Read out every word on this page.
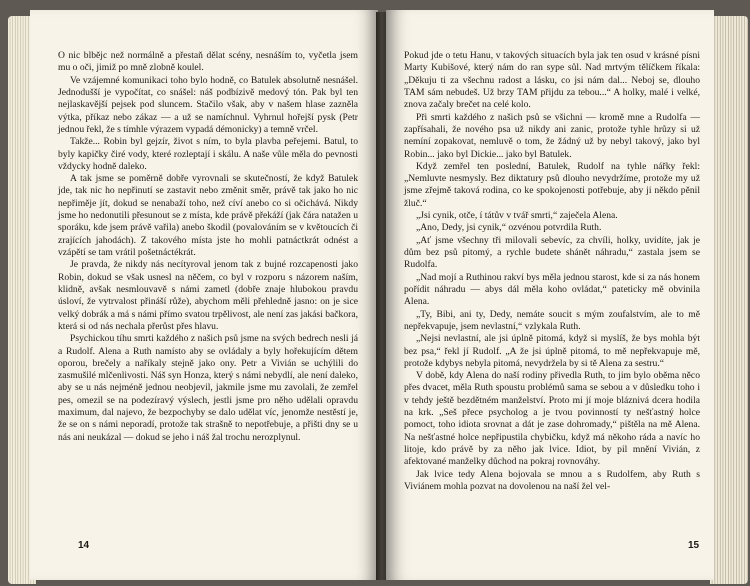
O nic blbějc než normálně a přestaň dělat scény, nesnáším to, vyčetla jsem mu o oči, jimiž po mně zlobně koulel.

Ve vzájemné komunikaci toho bylo hodně, co Batulek absolutně nesnášel. Jednodušší je vypočítat, co snášel: náš podbízivě medový tón. Pak byl ten nejlaskavější pejsek pod sluncem. Stačilo však, aby v našem hlase zazněla výtka, příkaz nebo zákaz — a už se namíchnul. Vyhrnul hořejší pysk (Petr jednou řekl, že s tímhle výrazem vypadá démonicky) a temně vrčel.

Takže... Robin byl gejzír, život s ním, to byla plavba peřejemi. Batul, to byly kapičky čiré vody, které rozleptají i skálu. A naše vůle měla do pevnosti vždycky hodně daleko.

A tak jsme se poměrně dobře vyrovnali se skutečností, že když Batulek jde, tak nic ho nepřinutí se zastavit nebo změnit směr, právě tak jako ho nic nepřiměje jít, dokud se nenabaží toho, než cíví anebo co si očichává. Nikdy jsme ho nedonutili přesunout se z místa, kde právě překáží (jak čára natažen u sporáku, kde jsem právě vařila) anebo škodil (povalováním se v květoucích či zrajících jahodách). Z takového místa jste ho mohli patnáctkrát odnést a vzápětí se tam vrátil pošetnáctékrát.

Je pravda, že nikdy nás necítyroval jenom tak z bujné rozcapenosti jako Robin, dokud se však usnesl na něčem, co byl v rozporu s názorem naším, klidně, avšak nesmlouvavě s námi zametl (dobře znaje hlubokou pravdu úsloví, že vytrvalost přináší růže), abychom měli přehledně jasno: on je sice velký dobrák a má s námi přímo svatou trpělivost, ale není zas jakási bačkora, která si od nás nechala přerůst přes hlavu.

Psychickou tíhu smrti každého z našich psů jsme na svých bedrech nesli já a Rudolf. Alena a Ruth namísto aby se ovládaly a byly hořekujícím dětem oporou, brečely a naříkaly stejně jako ony. Petr a Vivián se uchýlili do zasmušilé mlčenlivosti. Náš syn Honza, který s námi nebydlí, ale není daleko, aby se u nás nejméně jednou neobjevil, jakmile jsme mu zavolali, že zemřel pes, omezil se na podezíravý výslech, jestli jsme pro něho udělali opravdu maximum, dal najevo, že bezpochyby se dalo udělat víc, jenomže nestěstí je, že se on s námi neporadí, protože tak strašně to nepotřebuje, a přišti dny se u nás ani neukázal — dokud se jeho i náš žal trochu nerozplynul.

14

Pokud jde o tetu Hanu, v takových situacích byla jak ten osud v krásné písni Marty Kubišové, který nám do ran sype sůl. Nad mrtvým tělíčkem říkala: „Děkuju ti za všechnu radost a lásku, co jsi nám dal... Neboj se, dlouho TAM sám nebudeš. Už brzy TAM přijdu za tebou...“ A holky, malé i velké, znova začaly brečet na celé kolo.

Při smrti každého z našich psů se všichni — kromě mne a Rudolfa — zapřísahali, že nového psa už nikdy ani zanic, protože tyhle hrůzy si už nemíní zopakovat, nemluvě o tom, že žádný už by nebyl takový, jako byl Robin... jako byl Dickie... jako byl Batulek.

Když zemřel ten poslední, Batulek, Rudolf na tyhle nářky řekl: „Nemluvte nesmysly. Bez diktatury psů dlouho nevydržíme, protože my už jsme zřejmě taková rodina, co ke spokojenosti potřebuje, aby ji někdo pěnil žluč.“

„Jsi cynik, otče, í tátův v tvář smrti,“ zaječela Alena.

„Ano, Dedy, jsi cynik,“ ozvénou potvrdila Ruth.

„Ať jsme všechny tři milovali sebevíc, za chvíli, holky, uvidíte, jak je dům bez psů pitomý, a rychle budete shánět náhradu,“ zastala jsem se Rudolfa.

„Nad mojí a Ruthinou rakví bys měla jednou starost, kde si za nás honem pořídit náhradu — abys dál měla koho ovládat,“ pateticky mě obvinila Alena.

„Ty, Bibi, ani ty, Dedy, nemáte soucit s mým zoufalstvím, ale to mě nepřekvapuje, jsem nevlastní,“ vzlykala Ruth.

„Nejsi nevlastní, ale jsi úplně pitomá, když si myslíš, že bys mohla být bez psa,“ řekl jí Rudolf. „A že jsi úplně pitomá, to mě nepřekvapuje mě, protože kdybys nebyla pitomá, nevydržela by si tě Alena za sestru.“

V době, kdy Alena do naší rodiny přivedla Ruth, to jim bylo oběma něco přes dvacet, měla Ruth spoustu problémů sama se sebou a v důsledku toho i v tehdy ještě bezdětném manželství. Proto mi jí moje bláznivá dcera hodila na krk. „Seš přece psycholog a je tvou povinností ty nešťastný holce pomoct, toho idiota srovnat a dát je zase dohromady,“ pištěla na mě Alena. Na nešťastné holce nepřipustila chybičku, když má někoho ráda a navíc ho litoje, kdo právě by za něho jak lvice. Idiot, by pil mnění Vivián, z afektované manželky důchod na pokraj rovnováhy.

Jak lvice tedy Alena bojovala se mnou a s Rudolfem, aby Ruth s Viviánem mohla pozvat na dovolenou na naší žel vel-

15
